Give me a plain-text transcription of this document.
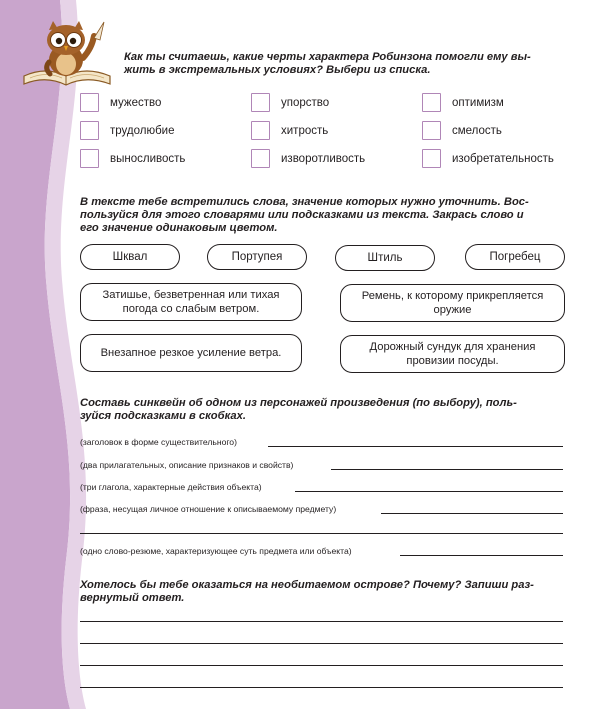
Как ты считаешь, какие черты характера Робинзона помогли ему вы-
жить в экстремальных условиях? Выбери из списка.
мужество	упорство	оптимизм
трудолюбие	хитрость	смелость
выносливость	изворотливость	изобретательность
В тексте тебе встретились слова, значение которых нужно уточнить. Вос-
пользуйся для этого словарями или подсказками из текста. Закрась слово и
его значение одинаковым цветом.
Шквал	Портупея	Штиль	Погребец
Затишье, безветренная или тихая погода со слабым ветром.
Ремень, к которому прикрепляется оружие
Внезапное резкое усиление ветра.	Дорожный сундук для хранения провизии посуды.
Составь синквейн об одном из персонажей произведения (по выбору), поль-
зуйся подсказками в скобках.
(заголовок в форме существительного)
(два прилагательных, описание признаков и свойств)
(три глагола, характерные действия объекта)
(фраза, несущая личное отношение к описываемому предмету)
(одно слово-резюме, характеризующее суть предмета или объекта)
Хотелось бы тебе оказаться на необитаемом острове? Почему? Запиши раз-
вернутый ответ.
